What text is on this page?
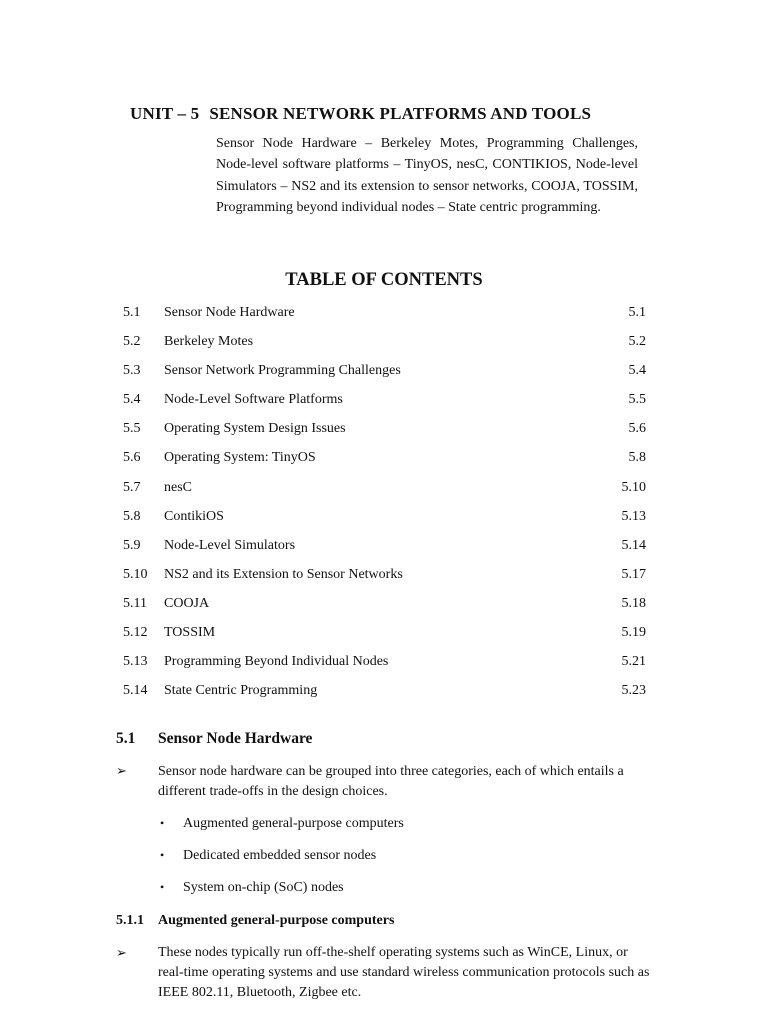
UNIT – 5 SENSOR NETWORK PLATFORMS AND TOOLS
Sensor Node Hardware – Berkeley Motes, Programming Challenges, Node-level software platforms – TinyOS, nesC, CONTIKIOS, Node-level Simulators – NS2 and its extension to sensor networks, COOJA, TOSSIM, Programming beyond individual nodes – State centric programming.
TABLE OF CONTENTS
5.1 Sensor Node Hardware	5.1
5.2 Berkeley Motes	5.2
5.3 Sensor Network Programming Challenges	5.4
5.4 Node-Level Software Platforms	5.5
5.5 Operating System Design Issues	5.6
5.6 Operating System: TinyOS	5.8
5.7 nesC	5.10
5.8 ContikiOS	5.13
5.9 Node-Level Simulators	5.14
5.10 NS2 and its Extension to Sensor Networks	5.17
5.11 COOJA	5.18
5.12 TOSSIM	5.19
5.13 Programming Beyond Individual Nodes	5.21
5.14 State Centric Programming	5.23
5.1 Sensor Node Hardware
➢ Sensor node hardware can be grouped into three categories, each of which entails a different trade-offs in the design choices.
• Augmented general-purpose computers
• Dedicated embedded sensor nodes
• System on-chip (SoC) nodes
5.1.1 Augmented general-purpose computers
➢ These nodes typically run off-the-shelf operating systems such as WinCE, Linux, or real-time operating systems and use standard wireless communication protocols such as IEEE 802.11, Bluetooth, Zigbee etc.
